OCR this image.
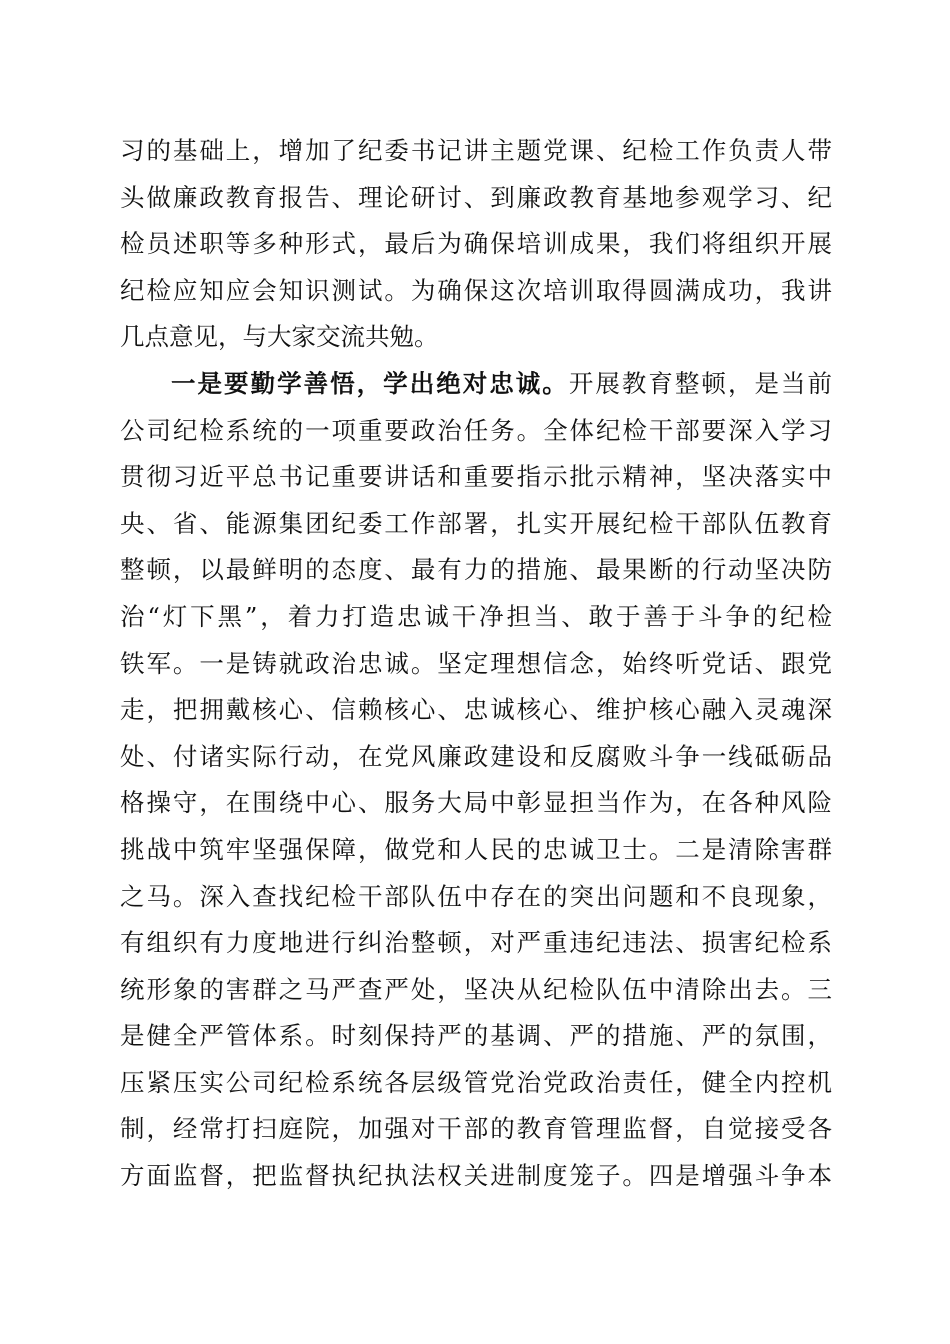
习的基础上，增加了纪委书记讲主题党课、纪检工作负责人带
头做廉政教育报告、理论研讨、到廉政教育基地参观学习、纪
检员述职等多种形式，最后为确保培训成果，我们将组织开展
纪检应知应会知识测试。为确保这次培训取得圆满成功，我讲
几点意见，与大家交流共勉。
一是要勤学善悟，学出绝对忠诚。开展教育整顿，是当前
公司纪检系统的一项重要政治任务。全体纪检干部要深入学习
贯彻习近平总书记重要讲话和重要指示批示精神，坚决落实中
央、省、能源集团纪委工作部署，扎实开展纪检干部队伍教育
整顿，以最鲜明的态度、最有力的措施、最果断的行动坚决防
治“灯下黑”，着力打造忠诚干净担当、敢于善于斗争的纪检
铁军。一是铸就政治忠诚。坚定理想信念，始终听党话、跟党
走，把拥戴核心、信赖核心、忠诚核心、维护核心融入灵魂深
处、付诸实际行动，在党风廉政建设和反腐败斗争一线砥砺品
格操守，在围绕中心、服务大局中彰显担当作为，在各种风险
挑战中筑牢坚强保障，做党和人民的忠诚卫士。二是清除害群
之马。深入查找纪检干部队伍中存在的突出问题和不良现象，
有组织有力度地进行纠治整顿，对严重违纪违法、损害纪检系
统形象的害群之马严查严处，坚决从纪检队伍中清除出去。三
是健全严管体系。时刻保持严的基调、严的措施、严的氛围，
压紧压实公司纪检系统各层级管党治党政治责任，健全内控机
制，经常打扫庭院，加强对干部的教育管理监督，自觉接受各
方面监督，把监督执纪执法权关进制度笼子。四是增强斗争本
